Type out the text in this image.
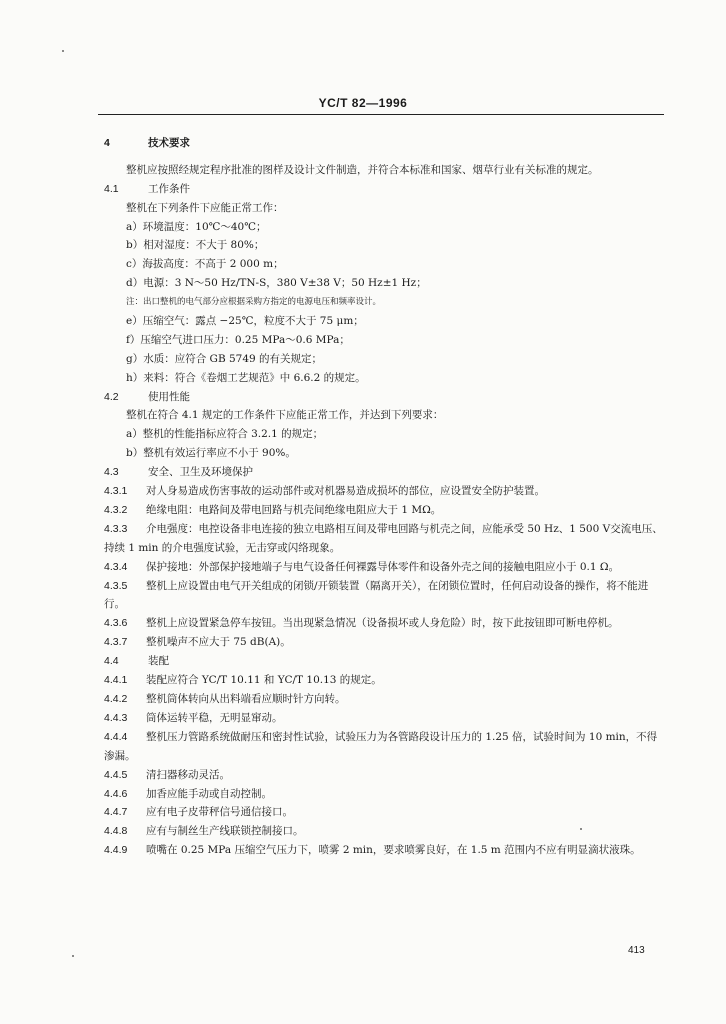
YC/T 82—1996
4	技术要求
整机应按照经规定程序批准的图样及设计文件制造，并符合本标准和国家、烟草行业有关标准的规定。
4.1	工作条件
整机在下列条件下应能正常工作：
a）环境温度：10℃～40℃；
b）相对湿度：不大于 80%；
c）海拔高度：不高于 2 000 m；
d）电源：3 N～50 Hz/TN-S，380 V±38 V；50 Hz±1 Hz；
注：出口整机的电气部分应根据采购方指定的电源电压和频率设计。
e）压缩空气：露点 −25℃，粒度不大于 75 μm；
f）压缩空气进口压力：0.25 MPa～0.6 MPa；
g）水质：应符合 GB 5749 的有关规定；
h）来料：符合《卷烟工艺规范》中 6.6.2 的规定。
4.2	使用性能
整机在符合 4.1 规定的工作条件下应能正常工作，并达到下列要求：
a）整机的性能指标应符合 3.2.1 的规定；
b）整机有效运行率应不小于 90%。
4.3	安全、卫生及环境保护
4.3.1 对人身易造成伤害事故的运动部件或对机器易造成损坏的部位，应设置安全防护装置。
4.3.2 绝缘电阻：电路间及带电回路与机壳间绝缘电阻应大于 1 MΩ。
4.3.3 介电强度：电控设备非电连接的独立电路相互间及带电回路与机壳之间，应能承受 50 Hz、1 500 V交流电压、持续 1 min 的介电强度试验，无击穿或闪络现象。
4.3.4 保护接地：外部保护接地端子与电气设备任何裸露导体零件和设备外壳之间的接触电阻应小于 0.1 Ω。
4.3.5 整机上应设置由电气开关组成的闭锁/开锁装置（隔离开关），在闭锁位置时，任何启动设备的操作，将不能进行。
4.3.6 整机上应设置紧急停车按钮。当出现紧急情况（设备损坏或人身危险）时，按下此按钮即可断电停机。
4.3.7 整机噪声不应大于 75 dB(A)。
4.4	装配
4.4.1 装配应符合 YC/T 10.11 和 YC/T 10.13 的规定。
4.4.2 整机筒体转向从出料端看应顺时针方向转。
4.4.3 筒体运转平稳，无明显窜动。
4.4.4 整机压力管路系统做耐压和密封性试验，试验压力为各管路段设计压力的 1.25 倍，试验时间为 10 min，不得渗漏。
4.4.5 清扫器移动灵活。
4.4.6 加香应能手动或自动控制。
4.4.7 应有电子皮带秤信号通信接口。
4.4.8 应有与制丝生产线联锁控制接口。
4.4.9 喷嘴在 0.25 MPa 压缩空气压力下，喷雾 2 min，要求喷雾良好，在 1.5 m 范围内不应有明显滴状液珠。
413
